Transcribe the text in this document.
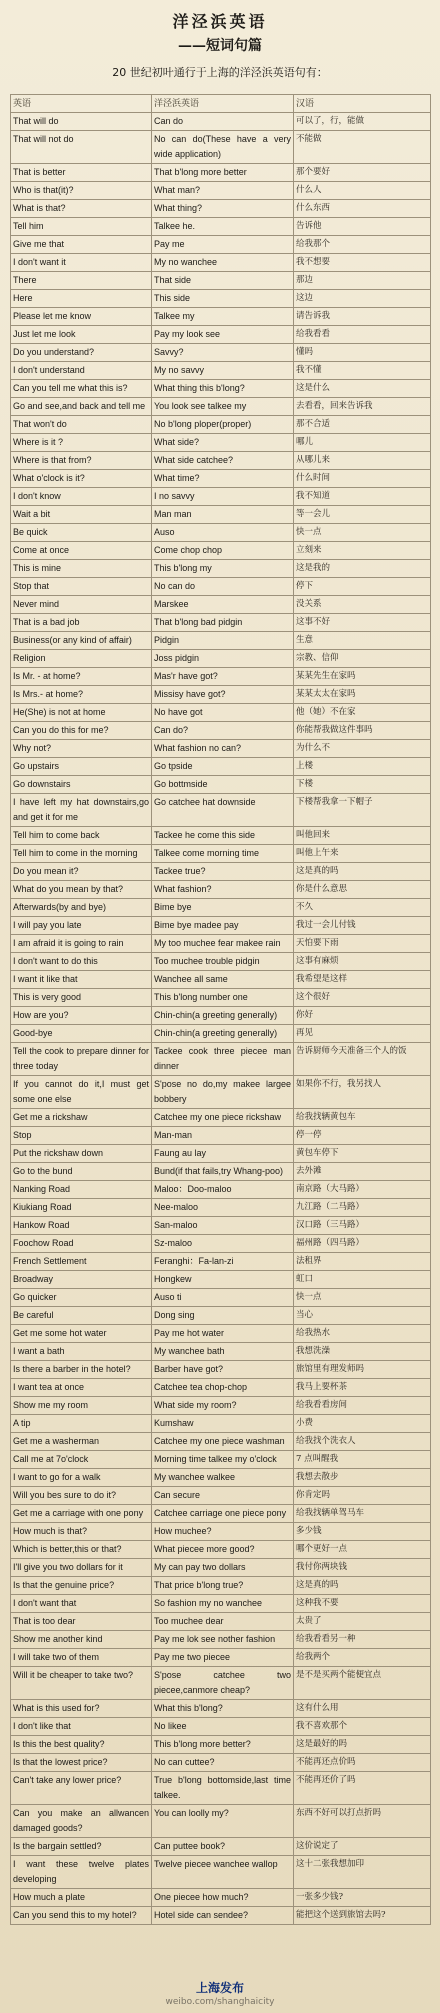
洋泾浜英语
——短词句篇
20 世纪初叶通行于上海的洋泾浜英语句有：
英语	洋泾浜英语	汉语
That will do	Can do	可以了，行，能做
That will not do	No can do(These have a very wide application)	不能做
That is better	That b'long more better	那个要好
Who is that(it)?	What man?	什么人
What is that?	What thing?	什么东西
Tell him	Talkee he.	告诉他
Give me that	Pay me	给我那个
I don't want it	My no wanchee	我不想要
There	That side	那边
Here	This side	这边
Please let me know	Talkee my	请告诉我
Just let me look	Pay my look see	给我看看
Do you understand?	Savvy?	懂吗
I don't understand	My no savvy	我不懂
Can you tell me what this is?	What thing this b'long?	这是什么
Go and see,and back and tell me	You look see talkee my	去看看，回来告诉我
That won't do	No b'long ploper(proper)	那不合适
Where is it ?	What side?	哪儿
Where is that from?	What side catchee?	从哪儿来
What o'clock is it?	What time?	什么时间
I don't know	I no savvy	我不知道
Wait a bit	Man man	等一会儿
Be quick	Auso	快一点
Come at once	Come chop chop	立刻来
This is mine	This b'long my	这是我的
Stop that	No can do	停下
Never mind	Marskee	没关系
That is a bad job	That b'long bad pidgin	这事不好
Business(or any kind of affair)	Pidgin	生意
Religion	Joss pidgin	宗教、信仰
Is Mr. - at home?	Mas'r have got?	某某先生在家吗
Is Mrs.- at home?	Missisy have got?	某某太太在家吗
He(She) is not at home	No have got	他（她）不在家
Can you do this for me?	Can do?	你能帮我做这件事吗
Why not?	What fashion no can?	为什么不
Go upstairs	Go tpside	上楼
Go downstairs	Go bottmside	下楼
I have left my hat downstairs,go and get it for me	Go catchee hat downside	下楼帮我拿一下帽子
Tell him to come back	Tackee he come this side	叫他回来
Tell him to come in the morning	Talkee come morning time	叫他上午来
Do you mean it?	Tackee true?	这是真的吗
What do you mean by that?	What fashion?	你是什么意思
Afterwards(by and bye)	Bime bye	不久
I will pay you late	Bime bye madee pay	我过一会儿付钱
I am afraid it is going to rain	My too muchee fear makee rain	天怕要下雨
I don't want to do this	Too muchee trouble pidgin	这事有麻烦
I want it like that	Wanchee all same	我希望是这样
This is very good	This b'long number one	这个很好
How are you?	Chin-chin(a greeting generally)	你好
Good-bye	Chin-chin(a greeting generally)	再见
Tell the cook to prepare dinner for three today	Tackee cook three piecee man dinner	告诉厨师今天准备三个人的饭
If you cannot do it,I must get some one else	S'pose no do,my makee largee bobbery	如果你不行，我另找人
Get me a rickshaw	Catchee my one piece rickshaw	给我找辆黄包车
Stop	Man-man	停一停
Put the rickshaw down	Faung au lay	黄包车停下
Go to the bund	Bund(if that fails,try Whang-poo)	去外滩
Nanking Road	Maloo：Doo-maloo	南京路（大马路）
Kiukiang Road	Nee-maloo	九江路（二马路）
Hankow Road	San-maloo	汉口路（三马路）
Foochow Road	Sz-maloo	福州路（四马路）
French Settlement	Feranghi：Fa-lan-zi	法租界
Broadway	Hongkew	虹口
Go quicker	Auso ti	快一点
Be careful	Dong sing	当心
Get me some hot water	Pay me hot water	给我热水
I want a bath	My wanchee bath	我想洗澡
Is there a barber in the hotel?	Barber have got?	旅馆里有理发师吗
I want tea at once	Catchee tea chop-chop	我马上要杯茶
Show me my room	What side my room?	给我看看房间
A tip	Kumshaw	小费
Get me a washerman	Catchee my one piece washman	给我找个洗衣人
Call me at 7o'clock	Morning time talkee my o'clock	7 点叫醒我
I want to go for a walk	My wanchee walkee	我想去散步
Will you bes sure to do it?	Can secure	你肯定吗
Get me a carriage with one pony	Catchee carriage one piece pony	给我找辆单驾马车
How much is that?	How muchee?	多少钱
Which is better,this or that?	What piecee more good?	哪个更好一点
I'll give you two dollars for it	My can pay two dollars	我付你两块钱
Is that the genuine price?	That price b'long true?	这是真的吗
I don't want that	So fashion my no wanchee	这种我不要
That is too dear	Too muchee dear	太贵了
Show me another kind	Pay me lok see nother fashion	给我看看另一种
I will take two of them	Pay me two piecee	给我两个
Will it be cheaper to take two?	S'pose catchee two piecee,canmore cheap?	是不是买两个能便宜点
What is this used for?	What this b'long?	这有什么用
I don't like that	No likee	我不喜欢那个
Is this the best quality?	This b'long more better?	这是最好的吗
Is that the lowest price?	No can cuttee?	不能再还点价吗
Can't take any lower price?	True b'long bottomside,last time talkee.	不能再还价了吗
Can you make an allwancen damaged goods?	You can loolly my?	东西不好可以打点折吗
Is the bargain settled?	Can puttee book?	这价说定了
I want these twelve plates developing	Twelve piecee wanchee wallop	这十二张我想加印
How much a plate	One piecee how much?	一张多少钱?
Can you send this to my hotel?	Hotel side can sendee?	能把这个送到旅馆去吗?
上海发布
weibo.com/shanghaicity
